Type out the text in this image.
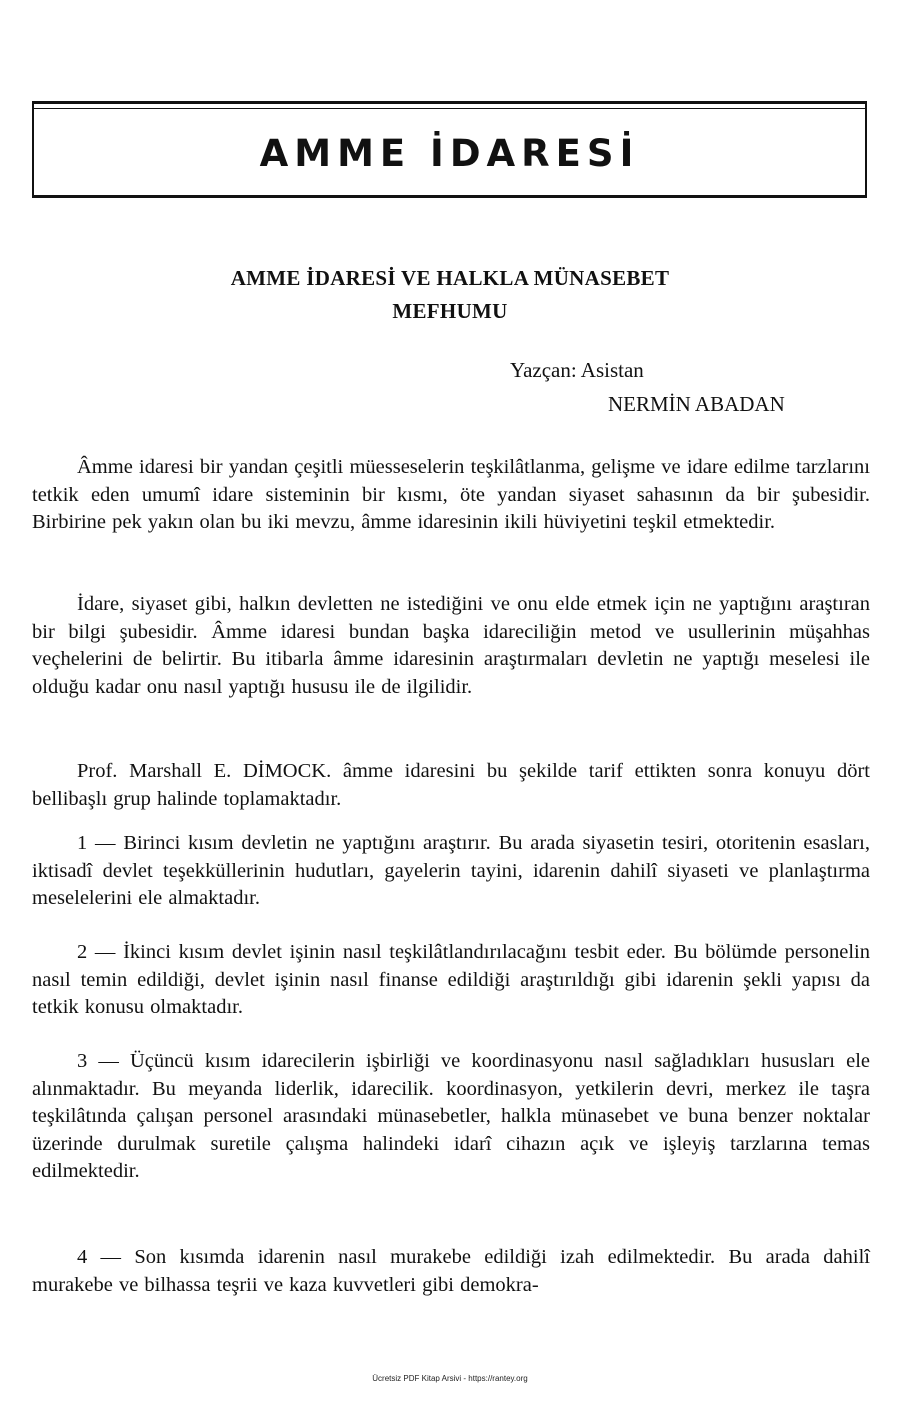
AMME İDARESİ
AMME İDARESİ VE HALKLA MÜNASEBET
MEFHUMU
Yazçan: Asistan
NERMİN ABADAN

Âmme idaresi bir yandan çeşitli müesseselerin teşkilâtlanma, gelişme ve idare edilme tarzlarını tetkik eden umumî idare sisteminin bir kısmı, öte yandan siyaset sahasının da bir şubesidir. Birbirine pek yakın olan bu iki mevzu, âmme idaresinin ikili hüviyetini teşkil etmektedir.

İdare, siyaset gibi, halkın devletten ne istediğini ve onu elde etmek için ne yaptığını araştıran bir bilgi şubesidir. Âmme idaresi bundan başka idareciliğin metod ve usullerinin müşahhas veçhelerini de belirtir. Bu itibarla âmme idaresinin araştırmaları devletin ne yaptığı meselesi ile olduğu kadar onu nasıl yaptığı hususu ile de ilgilidir.

Prof. Marshall E. DİMOCK. âmme idaresini bu şekilde tarif ettikten sonra konuyu dört bellibaşlı grup halinde toplamaktadır.

1 — Birinci kısım devletin ne yaptığını araştırır. Bu arada siyasetin tesiri, otoritenin esasları, iktisadî devlet teşekküllerinin hudutları, gayelerin tayini, idarenin dahilî siyaseti ve planlaştırma meselelerini ele almaktadır.

2 — İkinci kısım devlet işinin nasıl teşkilâtlandırılacağını tesbit eder. Bu bölümde personelin nasıl temin edildiği, devlet işinin nasıl finanse edildiği araştırıldığı gibi idarenin şekli yapısı da tetkik konusu olmaktadır.

3 — Üçüncü kısım idarecilerin işbirliği ve koordinasyonu nasıl sağladıkları hususları ele alınmaktadır. Bu meyanda liderlik, idarecilik. koordinasyon, yetkilerin devri, merkez ile taşra teşkilâtında çalışan personel arasındaki münasebetler, halkla münasebet ve buna benzer noktalar üzerinde durulmak suretile çalışma halindeki idarî cihazın açık ve işleyiş tarzlarına temas edilmektedir.

4 — Son kısımda idarenin nasıl murakebe edildiği izah edilmektedir. Bu arada dahilî murakebe ve bilhassa teşrii ve kaza kuvvetleri gibi demokra-

Ücretsiz PDF Kitap Arsivi - https://rantey.org
